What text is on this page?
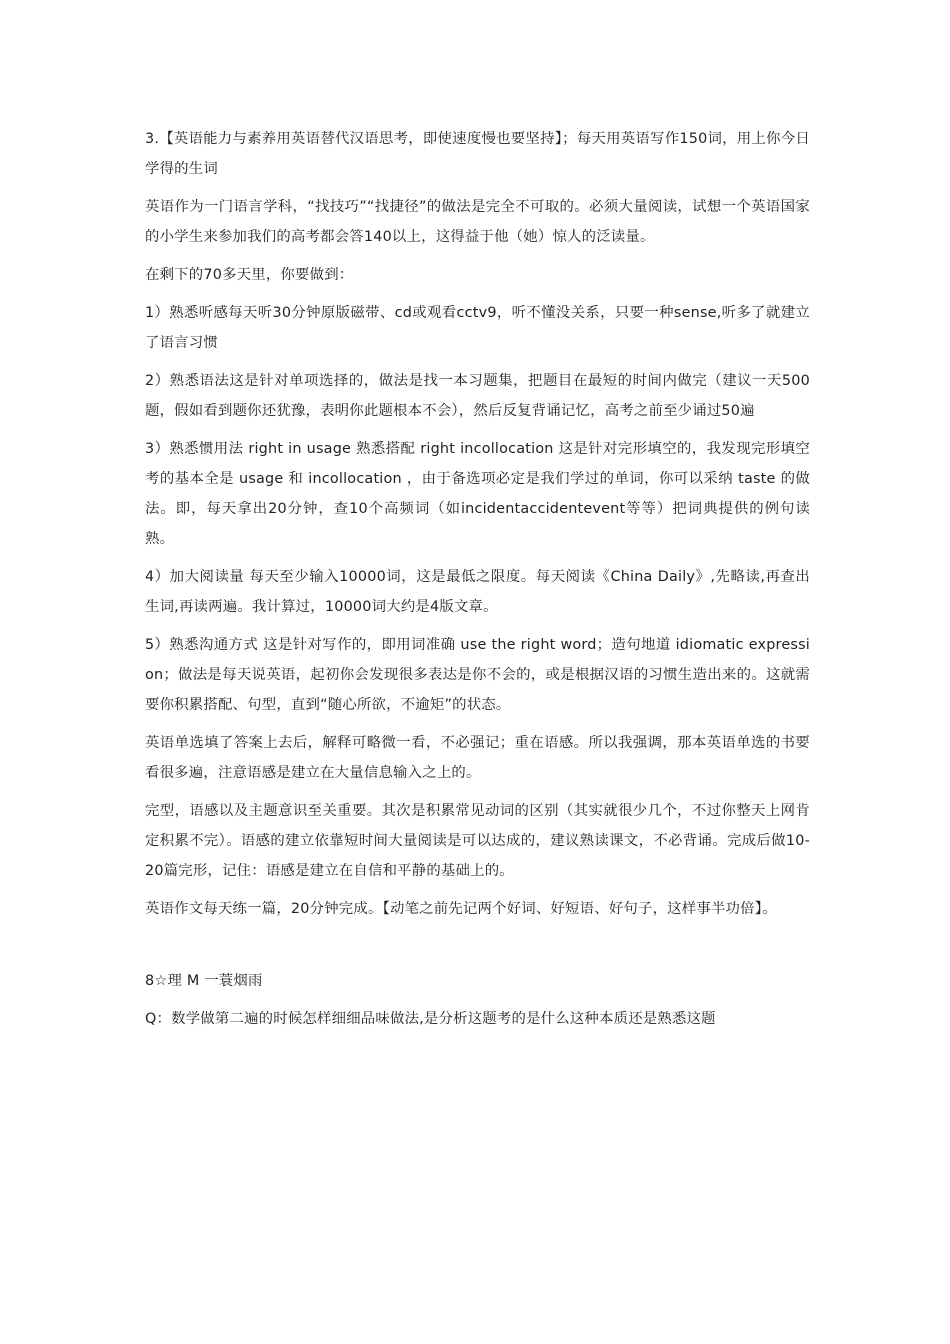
3.【英语能力与素养用英语替代汉语思考，即使速度慢也要坚持】；每天用英语写作150词，用上你今日学得的生词

英语作为一门语言学科，“找技巧”“找捷径”的做法是完全不可取的。必须大量阅读，试想一个英语国家的小学生来参加我们的高考都会答140以上，这得益于他（她）惊人的泛读量。

在剩下的70多天里，你要做到：

1）熟悉听感每天听30分钟原版磁带、cd或观看cctv9，听不懂没关系，只要一种sense,听多了就建立了语言习惯

2）熟悉语法这是针对单项选择的，做法是找一本习题集，把题目在最短的时间内做完（建议一天500题，假如看到题你还犹豫，表明你此题根本不会），然后反复背诵记忆，高考之前至少诵过50遍

3）熟悉惯用法 right in usage 熟悉搭配 right incollocation 这是针对完形填空的，我发现完形填空考的基本全是 usage 和 incollocation ，由于备选项必定是我们学过的单词，你可以采纳 taste 的做法。即，每天拿出20分钟，查10个高频词（如incidentaccidentevent等等）把词典提供的例句读熟。

4）加大阅读量 每天至少输入10000词，这是最低之限度。每天阅读《China Daily》,先略读,再查出生词,再读两遍。我计算过，10000词大约是4版文章。

5）熟悉沟通方式 这是针对写作的，即用词准确 use the right word；造句地道 idiomatic expression；做法是每天说英语，起初你会发现很多表达是你不会的，或是根据汉语的习惯生造出来的。这就需要你积累搭配、句型，直到“随心所欲，不逾矩”的状态。

英语单选填了答案上去后，解释可略微一看，不必强记；重在语感。所以我强调，那本英语单选的书要看很多遍，注意语感是建立在大量信息输入之上的。

完型，语感以及主题意识至关重要。其次是积累常见动词的区别（其实就很少几个，不过你整天上网肯定积累不完）。语感的建立依靠短时间大量阅读是可以达成的，建议熟读课文，不必背诵。完成后做10-20篇完形，记住：语感是建立在自信和平静的基础上的。

英语作文每天练一篇，20分钟完成。【动笔之前先记两个好词、好短语、好句子，这样事半功倍】。

8☆理 M 一蓑烟雨

Q：数学做第二遍的时候怎样细细品味做法,是分析这题考的是什么这种本质还是熟悉这题
